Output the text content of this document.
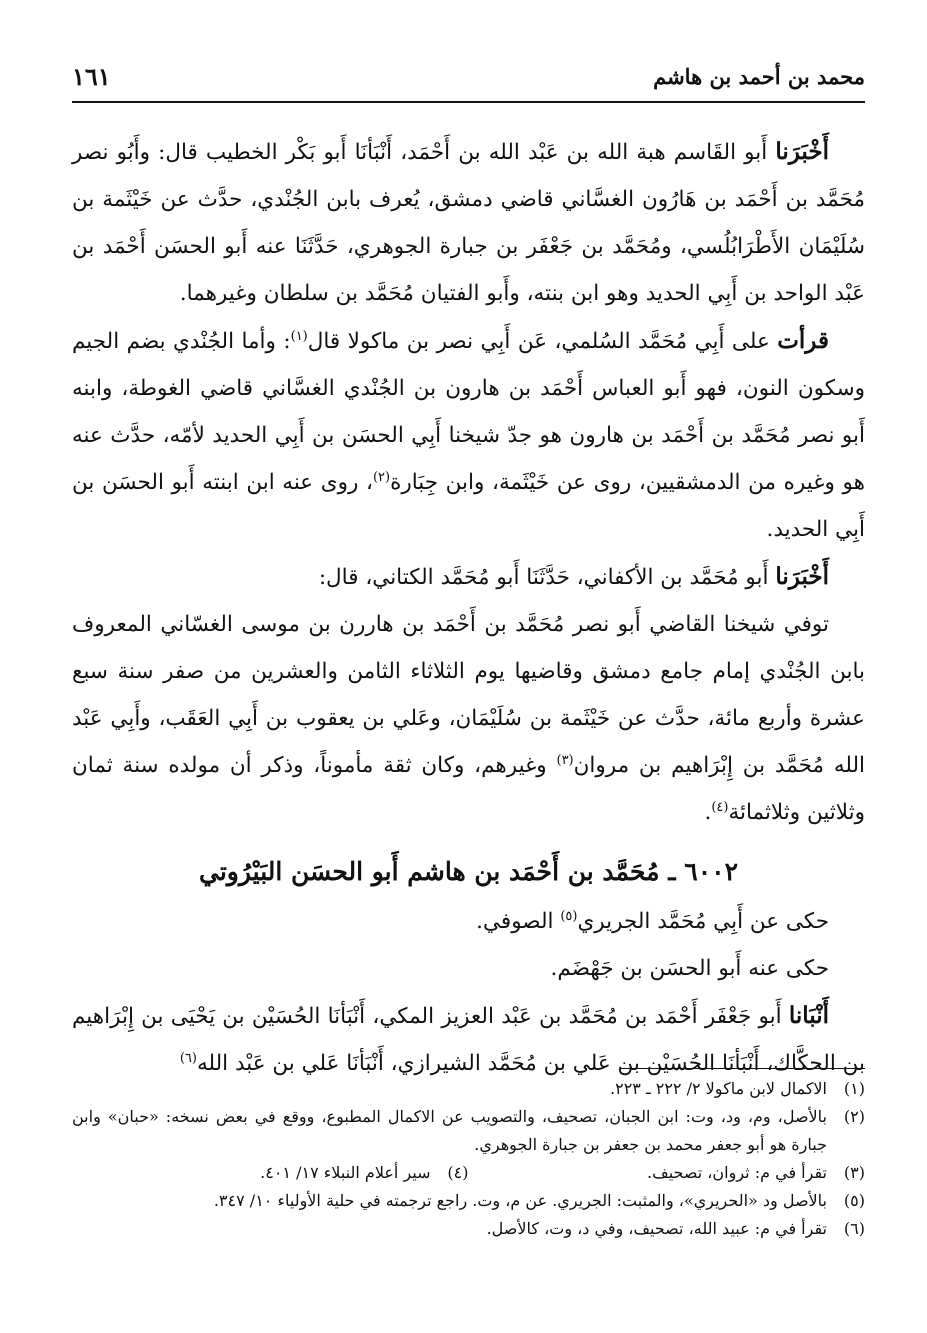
محمد بن أحمد بن هاشم
١٦١

أَخْبَرَنا أَبو القَاسم هبة الله بن عَبْد الله بن أَحْمَد، أَنْبَأنَا أَبو بَكْر الخطيب قال: وأَبُو نصر مُحَمَّد بن أَحْمَد بن هَارُون الغسَّاني قاضي دمشق، يُعرف بابن الجُنْدي، حدَّث عن خَيْثَمة بن سُلَيْمَان الأَطْرَابُلُسي، ومُحَمَّد بن جَعْفَر بن جبارة الجوهري، حَدَّثَنَا عنه أَبو الحسَن أَحْمَد بن عَبْد الواحد بن أَبِي الحديد وهو ابن بنته، وأَبو الفتيان مُحَمَّد بن سلطان وغيرهما.

قرأت على أَبِي مُحَمَّد السُلمي، عَن أَبِي نصر بن ماكولا قال$^{(١)}$: وأما الجُنْدي بضم الجيم وسكون النون، فهو أَبو العباس أَحْمَد بن هارون بن الجُنْدي الغسَّاني قاضي الغوطة، وابنه أَبو نصر مُحَمَّد بن أَحْمَد بن هارون هو جدّ شيخنا أَبِي الحسَن بن أَبِي الحديد لأمّه، حدَّث عنه هو وغيره من الدمشقيين، روى عن خَيْثَمة، وابن جِبَارة$^{(٢)}$، روى عنه ابن ابنته أَبو الحسَن بن أَبِي الحديد.

أَخْبَرَنا أَبو مُحَمَّد بن الأكفاني، حَدَّثَنَا أَبو مُحَمَّد الكتاني، قال:

توفي شيخنا القاضي أَبو نصر مُحَمَّد بن أَحْمَد بن هاررن بن موسى الغسّاني المعروف بابن الجُنْدي إمام جامع دمشق وقاضيها يوم الثلاثاء الثامن والعشرين من صفر سنة سبع عشرة وأربع مائة، حدَّث عن خَيْثَمة بن سُلَيْمَان، وعَلي بن يعقوب بن أَبِي العَقَب، وأَبِي عَبْد الله مُحَمَّد بن إِبْرَاهيم بن مروان$^{(٣)}$ وغيرهم، وكان ثقة مأموناً، وذكر أن مولده سنة ثمان وثلاثين وثلاثمائة$^{(٤)}$.

٦٠٠٢ ـ مُحَمَّد بن أَحْمَد بن هاشم أَبو الحسَن البَيْرُوتي

حكى عن أَبِي مُحَمَّد الجريري$^{(٥)}$ الصوفي.

حكى عنه أَبو الحسَن بن جَهْضَم.

أَنْبَانا أَبو جَعْفَر أَحْمَد بن مُحَمَّد بن عَبْد العزيز المكي، أَنْبَأنَا الحُسَيْن بن يَحْيَى بن إِبْرَاهيم بن الحكَّاك، أَنْبَأنَا الحُسَيْن بن عَلي بن مُحَمَّد الشيرازي، أَنْبَأنَا عَلي بن عَبْد الله$^{(٦)}$

(١)
الاكمال لابن ماكولا ٢/ ٢٢٢ ـ ٢٢٣.

(٢)
بالأصل، وم، ود، وت: ابن الجبان، تصحيف، والتصويب عن الاكمال المطبوع، ووقع في بعض نسخه: «حبان» وابن جبارة هو أبو جعفر محمد بن جعفر بن جبارة الجوهري.

(٣)
تقرأ في م: ثروان، تصحيف.

(٤)
سير أعلام النبلاء ١٧/ ٤٠١.

(٥)
بالأصل ود «الحريري»، والمثبت: الجريري. عن م، وت. راجع ترجمته في حلية الأولياء ١٠/ ٣٤٧.

(٦)
تقرأ في م: عبيد الله، تصحيف، وفي د، وت، كالأصل.
